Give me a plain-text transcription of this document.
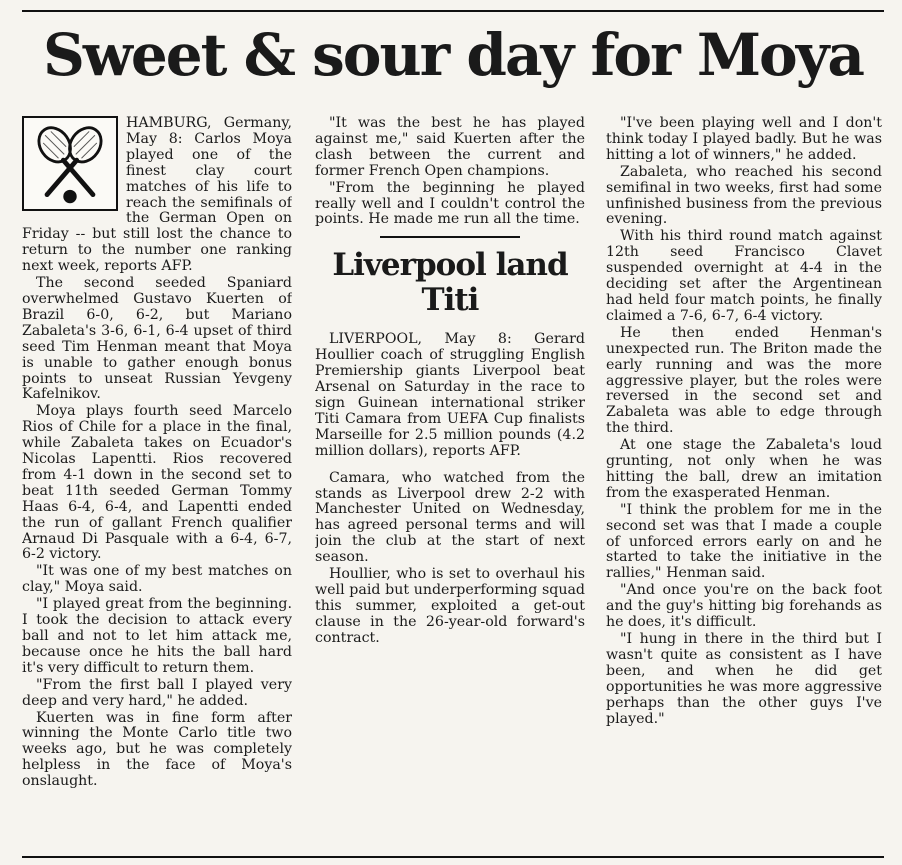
Sweet & sour day for Moya

HAMBURG, Germany, May 8: Carlos Moya played one of the finest clay court matches of his life to reach the semifinals of the German Open on Friday -- but still lost the chance to return to the number one ranking next week, reports AFP.

The second seeded Spaniard overwhelmed Gustavo Kuerten of Brazil 6-0, 6-2, but Mariano Zabaleta's 3-6, 6-1, 6-4 upset of third seed Tim Henman meant that Moya is unable to gather enough bonus points to unseat Russian Yevgeny Kafelnikov.

Moya plays fourth seed Marcelo Rios of Chile for a place in the final, while Zabaleta takes on Ecuador's Nicolas Lapentti. Rios recovered from 4-1 down in the second set to beat 11th seeded German Tommy Haas 6-4, 6-4, and Lapentti ended the run of gallant French qualifier Arnaud Di Pasquale with a 6-4, 6-7, 6-2 victory.

"It was one of my best matches on clay," Moya said.

"I played great from the beginning. I took the decision to attack every ball and not to let him attack me, because once he hits the ball hard it's very difficult to return them.

"From the first ball I played very deep and very hard," he added.

Kuerten was in fine form after winning the Monte Carlo title two weeks ago, but he was completely helpless in the face of Moya's onslaught.

"It was the best he has played against me," said Kuerten after the clash between the current and former French Open champions.

"From the beginning he played really well and I couldn't control the points. He made me run all the time.

Liverpool land Titi

LIVERPOOL, May 8: Gerard Houllier coach of struggling English Premiership giants Liverpool beat Arsenal on Saturday in the race to sign Guinean international striker Titi Camara from UEFA Cup finalists Marseille for 2.5 million pounds (4.2 million dollars), reports AFP.

Camara, who watched from the stands as Liverpool drew 2-2 with Manchester United on Wednesday, has agreed personal terms and will join the club at the start of next season.

Houllier, who is set to overhaul his well paid but underperforming squad this summer, exploited a get-out clause in the 26-year-old forward's contract.

"I've been playing well and I don't think today I played badly. But he was hitting a lot of winners," he added.

Zabaleta, who reached his second semifinal in two weeks, first had some unfinished business from the previous evening.

With his third round match against 12th seed Francisco Clavet suspended overnight at 4-4 in the deciding set after the Argentinean had held four match points, he finally claimed a 7-6, 6-7, 6-4 victory.

He then ended Henman's unexpected run. The Briton made the early running and was the more aggressive player, but the roles were reversed in the second set and Zabaleta was able to edge through the third.

At one stage the Zabaleta's loud grunting, not only when he was hitting the ball, drew an imitation from the exasperated Henman.

"I think the problem for me in the second set was that I made a couple of unforced errors early on and he started to take the initiative in the rallies," Henman said.

"And once you're on the back foot and the guy's hitting big forehands as he does, it's difficult.

"I hung in there in the third but I wasn't quite as consistent as I have been, and when he did get opportunities he was more aggressive perhaps than the other guys I've played."
